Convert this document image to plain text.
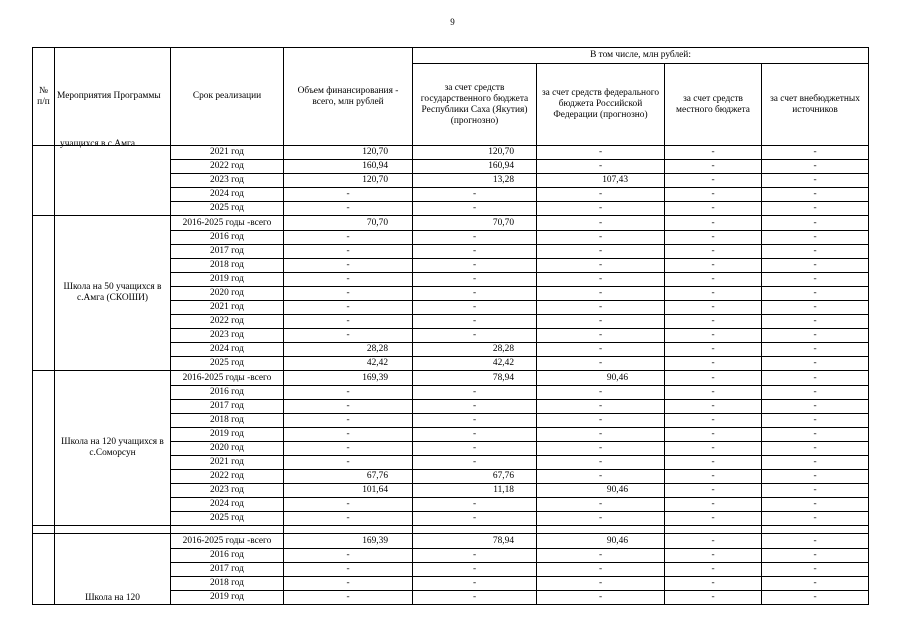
9
№ п/п	Мероприятия Программы	Срок реализации	Объем финансирования - всего, млн рублей	В том числе, млн рублей:			
				за счет средств государственного бюджета Республики Саха (Якутия) (прогнозно)	за счет средств федерального бюджета Российской Федерации (прогнозно)	за счет средств местного бюджета	за счет внебюджетных источников

	учащихся в с.Амга	2021 год	120,70	120,70	-	-	-
		2022 год	160,94	160,94	-	-	-
		2023 год	120,70	13,28	107,43	-	-
		2024 год	-	-	-	-	-
		2025 год	-	-	-	-	-
	Школа на 50 учащихся в с.Амга (СКОШИ)	2016-2025 годы -всего	70,70	70,70	-	-	-
		2016 год	-	-	-	-	-
		2017 год	-	-	-	-	-
		2018 год	-	-	-	-	-
		2019 год	-	-	-	-	-
		2020 год	-	-	-	-	-
		2021 год	-	-	-	-	-
		2022 год	-	-	-	-	-
		2023 год	-	-	-	-	-
		2024 год	28,28	28,28	-	-	-
		2025 год	42,42	42,42	-	-	-
	Школа на 120 учащихся в с.Соморсун	2016-2025 годы -всего	169,39	78,94	90,46	-	-
		2016 год	-	-	-	-	-
		2017 год	-	-	-	-	-
		2018 год	-	-	-	-	-
		2019 год	-	-	-	-	-
		2020 год	-	-	-	-	-
		2021 год	-	-	-	-	-
		2022 год	67,76	67,76	-	-	-
		2023 год	101,64	11,18	90,46	-	-
		2024 год	-	-	-	-	-
		2025 год	-	-	-	-	-

	Школа на 120	2016-2025 годы -всего	169,39	78,94	90,46	-	-
		2016 год	-	-	-	-	-
		2017 год	-	-	-	-	-
		2018 год	-	-	-	-	-
		2019 год	-	-	-	-	-
